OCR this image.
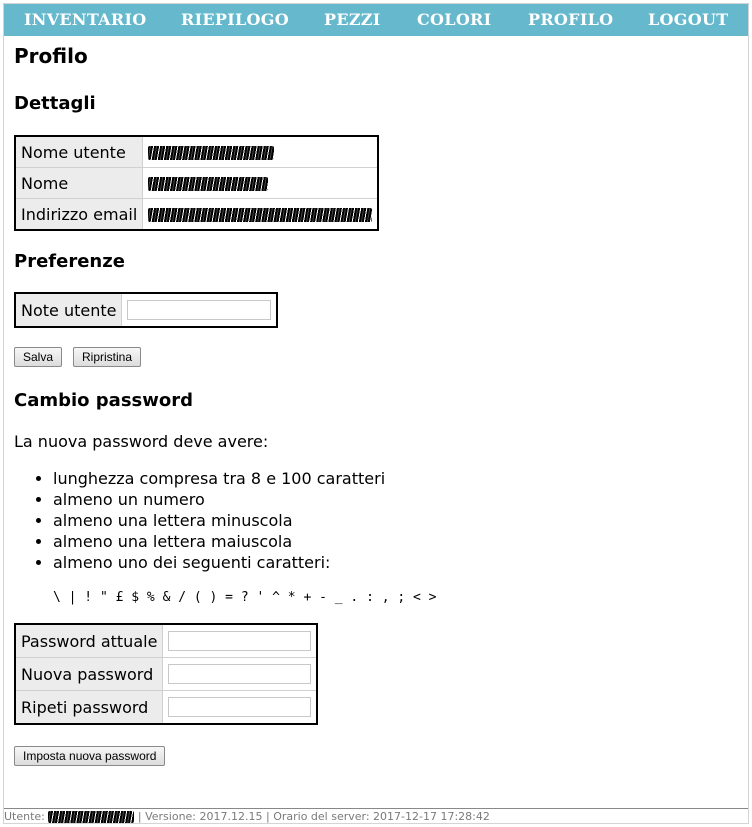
INVENTARIO RIEPILOGO PEZZI COLORI PROFILO LOGOUT
Profilo
Dettagli
Nome utente	
Nome	
Indirizzo email	
Preferenze
Note utente	
Salva	Ripristina
Cambio password

La nuova password deve avere:

• lunghezza compresa tra 8 e 100 caratteri
• almeno un numero
• almeno una lettera minuscola
• almeno una lettera maiuscola
• almeno uno dei seguenti caratteri:
\ | ! " £ $ % & / ( ) = ? ' ^ * + - _ . : , ; < >
Password attuale	

Nuova password	

Ripeti password	
Imposta nuova password
Utente:	| Versione: 2017.12.15 | Orario del server: 2017-12-17 17:28:42
